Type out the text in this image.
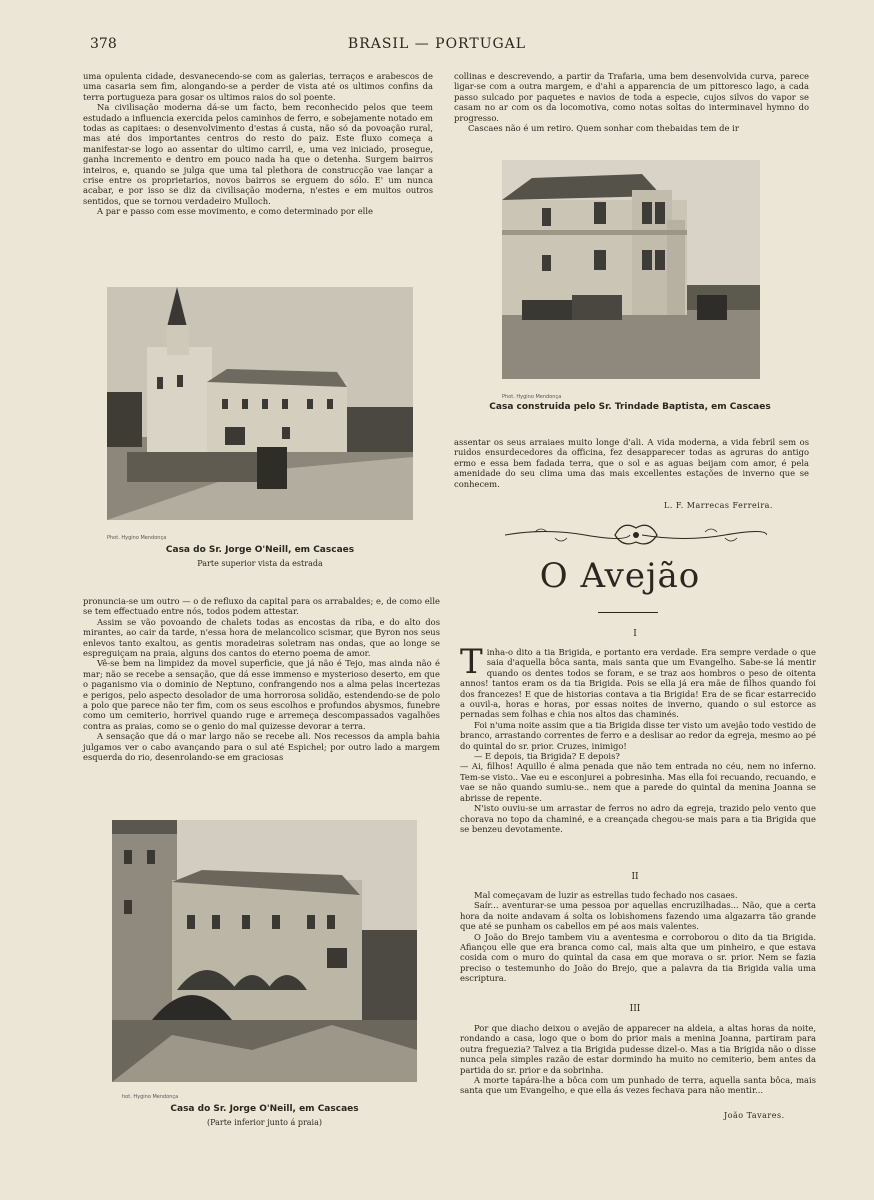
378	BRASIL — PORTUGAL

uma opulenta cidade, desvanecendo-se com as galerias, terraços e arabescos de uma casaria sem fim, alongando-se a perder de vista até os ultimos confins da terra portugueza para gosar os ultimos raios do sol poente.

Na civilisação moderna dá-se um facto, bem reconhecido pelos que teem estudado a influencia exercida pelos caminhos de ferro, e sobejamente notado em todas as capitaes: o desenvolvimento d'estas á custa, não só da povoação rural, mas até dos importantes centros do resto do paiz. Este fluxo começa a manifestar-se logo ao assentar do ultimo carril, e, uma vez iniciado, prosegue, ganha incremento e dentro em pouco nada ha que o detenha. Surgem bairros inteiros, e, quando se julga que uma tal plethora de construcção vae lançar a crise entre os proprietarios, novos bairros se erguem do sólo. E' um nunca acabar, e por isso se diz da civilisação moderna, n'estes e em muitos outros sentidos, que se tornou verdadeiro Mulloch.

A par e passo com esse movimento, e como determinado por elle

Phot. Hygino Mendonça
Casa do Sr. Jorge O'Neill, em Cascaes
Parte superior vista da estrada

pronuncia-se um outro — o de refluxo da capital para os arrabaldes; e, de como elle se tem effectuado entre nós, todos podem attestar.

Assim se vão povoando de chalets todas as encostas da riba, e do alto dos mirantes, ao cair da tarde, n'essa hora de melancolico scismar, que Byron nos seus enlevos tanto exaltou, as gentis moradeiras soletram nas ondas, que ao longe se espreguiçam na praia, alguns dos cantos do eterno poema de amor.

Vê-se bem na limpidez da movel superficie, que já não é Tejo, mas ainda não é mar; não se recebe a sensação, que dá esse immenso e mysterioso deserto, em que o paganismo via o dominio de Neptuno, confrangendo nos a alma pelas incertezas e perigos, pelo aspecto desolador de uma horrorosa solidão, estendendo-se de polo a polo que parece não ter fim, com os seus escolhos e profundos abysmos, funebre como um cemiterio, horrivel quando ruge e arremeça descompassados vagalhões contra as praias, como se o genio do mal quizesse devorar a terra.

A sensação que dá o mar largo não se recebe ali. Nos recessos da ampla bahia julgamos ver o cabo avançando para o sul até Espichel; por outro lado a margem esquerda do rio, desenrolando-se em graciosas

hot. Hygino Mendonça
Casa do Sr. Jorge O'Neill, em Cascaes
(Parte inferior junto á praia)

collinas e descrevendo, a partir da Trafaria, uma bem desenvolvida curva, parece ligar-se com a outra margem, e d'ahi a apparencia de um pittoresco lago, a cada passo sulcado por paquetes e navios de toda a especie, cujos silvos do vapor se casam no ar com os da locomotiva, como notas soltas do interminavel hymno do progresso.

Cascaes não é um retiro. Quem sonhar com thebaidas tem de ir

Phot. Hygino Mendonça
Casa construida pelo Sr. Trindade Baptista, em Cascaes

assentar os seus arraiaes muito longe d'ali. A vida moderna, a vida febril sem os ruidos ensurdecedores da officina, fez desapparecer todas as agruras do antigo ermo e essa bem fadada terra, que o sol e as aguas beijam com amor, é pela amenidade do seu clima uma das mais excellentes estações de inverno que se conhecem.

L. F. Marrecas Ferreira.
O Avejão
I

T inha-o dito a tia Brigida, e portanto era verdade. Era sempre verdade o que saia d'aquella bôca santa, mais santa que um Evangelho. Sabe-se lá mentir quando os dentes todos se foram, e se traz aos hombros o peso de oitenta annos! tantos eram os da tia Brigida. Pois se ella já era mãe de filhos quando foi dos francezes! E que de historias contava a tia Brigida! Era de se ficar estarrecido a ouvil-a, horas e horas, por essas noites de inverno, quando o sul estorce as pernadas sem folhas e chia nos altos das chaminés.

Foi n'uma noite assim que a tia Brigida disse ter visto um avejão todo vestido de branco, arrastando correntes de ferro e a deslisar ao redor da egreja, mesmo ao pé do quintal do sr. prior. Cruzes, inimigo!

— E depois, tia Brigida? E depois?

— Ai, filhos! Aquillo é alma penada que não tem entrada no céu, nem no inferno. Tem-se visto.. Vae eu e esconjurei a pobresinha. Mas ella foi recuando, recuando, e vae se não quando sumiu-se.. nem que a parede do quintal da menina Joanna se abrisse de repente.

N'isto ouviu-se um arrastar de ferros no adro da egreja, trazido pelo vento que chorava no topo da chaminé, e a creançada chegou-se mais para a tia Brigida que se benzeu devotamente.

II

Mal começavam de luzir as estrellas tudo fechado nos casaes.

Saír... aventurar-se uma pessoa por aquellas encruzilhadas... Não, que a certa hora da noite andavam á solta os lobishomens fazendo uma algazarra tão grande que até se punham os cabellos em pé aos mais valentes.

O João do Brejo tambem viu a aventesma e corroborou o dito da tia Brigida. Afiançou elle que era branca como cal, mais alta que um pinheiro, e que estava cosida com o muro do quintal da casa em que morava o sr. prior. Nem se fazia preciso o testemunho do João do Brejo, que a palavra da tia Brigida valia uma escriptura.

III

Por que diacho deixou o avejão de apparecer na aldeia, a altas horas da noite, rondando a casa, logo que o bom do prior mais a menina Joanna, partiram para outra freguezia? Talvez a tia Brigida pudesse dizel-o. Mas a tia Brigida não o disse nunca pela simples razão de estar dormindo ha muito no cemiterio, bem antes da partida do sr. prior e da sobrinha.

A morte tapára-lhe a bôca com um punhado de terra, aquella santa bôca, mais santa que um Evangelho, e que ella ás vezes fechava para não mentir...

João Tavares.
